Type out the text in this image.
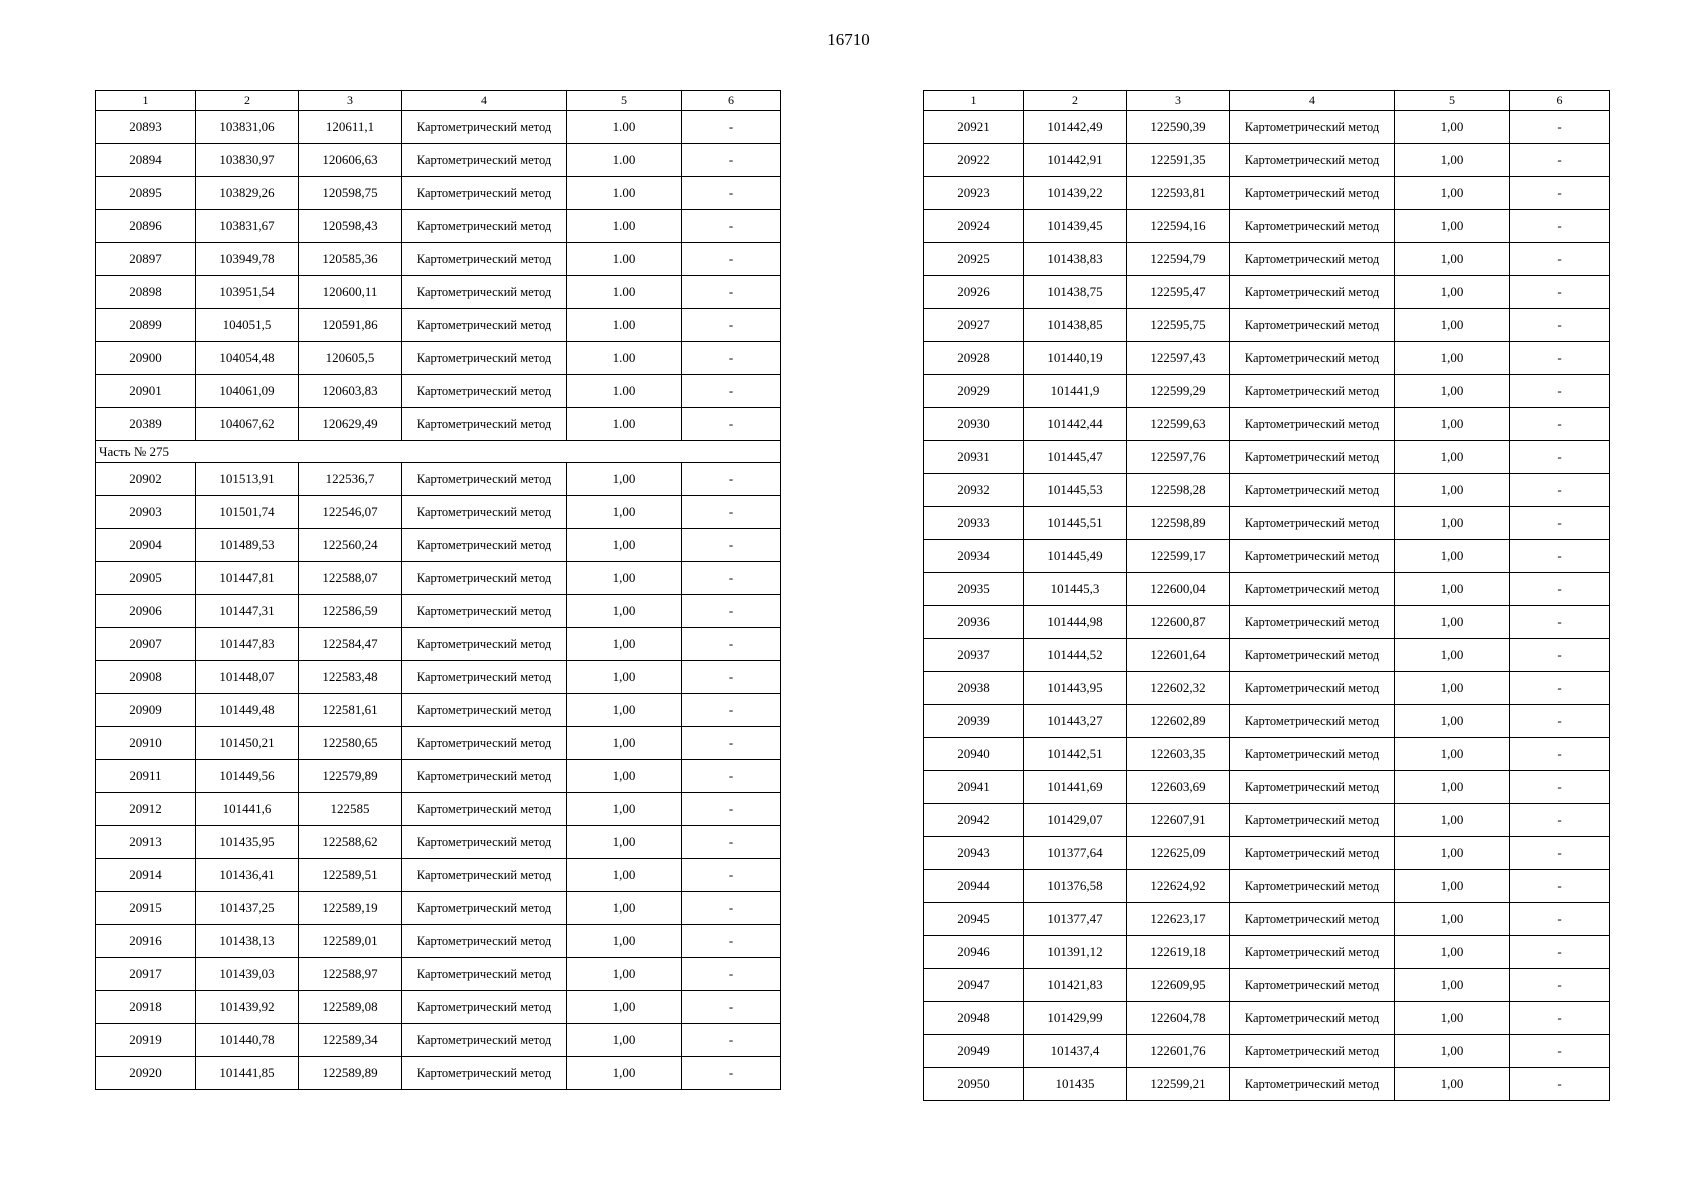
16710
1	2	3	4	5	6
20893	103831,06	120611,1	Картометрический метод	1.00	-
20894	103830,97	120606,63	Картометрический метод	1.00	-
20895	103829,26	120598,75	Картометрический метод	1.00	-
20896	103831,67	120598,43	Картометрический метод	1.00	-
20897	103949,78	120585,36	Картометрический метод	1.00	-
20898	103951,54	120600,11	Картометрический метод	1.00	-
20899	104051,5	120591,86	Картометрический метод	1.00	-
20900	104054,48	120605,5	Картометрический метод	1.00	-
20901	104061,09	120603,83	Картометрический метод	1.00	-
20389	104067,62	120629,49	Картометрический метод	1.00	-
Часть № 275					
20902	101513,91	122536,7	Картометрический метод	1,00	-
20903	101501,74	122546,07	Картометрический метод	1,00	-
20904	101489,53	122560,24	Картометрический метод	1,00	-
20905	101447,81	122588,07	Картометрический метод	1,00	-
20906	101447,31	122586,59	Картометрический метод	1,00	-
20907	101447,83	122584,47	Картометрический метод	1,00	-
20908	101448,07	122583,48	Картометрический метод	1,00	-
20909	101449,48	122581,61	Картометрический метод	1,00	-
20910	101450,21	122580,65	Картометрический метод	1,00	-
20911	101449,56	122579,89	Картометрический метод	1,00	-
20912	101441,6	122585	Картометрический метод	1,00	-
20913	101435,95	122588,62	Картометрический метод	1,00	-
20914	101436,41	122589,51	Картометрический метод	1,00	-
20915	101437,25	122589,19	Картометрический метод	1,00	-
20916	101438,13	122589,01	Картометрический метод	1,00	-
20917	101439,03	122588,97	Картометрический метод	1,00	-
20918	101439,92	122589,08	Картометрический метод	1,00	-
20919	101440,78	122589,34	Картометрический метод	1,00	-
20920	101441,85	122589,89	Картометрический метод	1,00	-
1	2	3	4	5	6
20921	101442,49	122590,39	Картометрический метод	1,00	-
20922	101442,91	122591,35	Картометрический метод	1,00	-
20923	101439,22	122593,81	Картометрический метод	1,00	-
20924	101439,45	122594,16	Картометрический метод	1,00	-
20925	101438,83	122594,79	Картометрический метод	1,00	-
20926	101438,75	122595,47	Картометрический метод	1,00	-
20927	101438,85	122595,75	Картометрический метод	1,00	-
20928	101440,19	122597,43	Картометрический метод	1,00	-
20929	101441,9	122599,29	Картометрический метод	1,00	-
20930	101442,44	122599,63	Картометрический метод	1,00	-
20931	101445,47	122597,76	Картометрический метод	1,00	-
20932	101445,53	122598,28	Картометрический метод	1,00	-
20933	101445,51	122598,89	Картометрический метод	1,00	-
20934	101445,49	122599,17	Картометрический метод	1,00	-
20935	101445,3	122600,04	Картометрический метод	1,00	-
20936	101444,98	122600,87	Картометрический метод	1,00	-
20937	101444,52	122601,64	Картометрический метод	1,00	-
20938	101443,95	122602,32	Картометрический метод	1,00	-
20939	101443,27	122602,89	Картометрический метод	1,00	-
20940	101442,51	122603,35	Картометрический метод	1,00	-
20941	101441,69	122603,69	Картометрический метод	1,00	-
20942	101429,07	122607,91	Картометрический метод	1,00	-
20943	101377,64	122625,09	Картометрический метод	1,00	-
20944	101376,58	122624,92	Картометрический метод	1,00	-
20945	101377,47	122623,17	Картометрический метод	1,00	-
20946	101391,12	122619,18	Картометрический метод	1,00	-
20947	101421,83	122609,95	Картометрический метод	1,00	-
20948	101429,99	122604,78	Картометрический метод	1,00	-
20949	101437,4	122601,76	Картометрический метод	1,00	-
20950	101435	122599,21	Картометрический метод	1,00	-
